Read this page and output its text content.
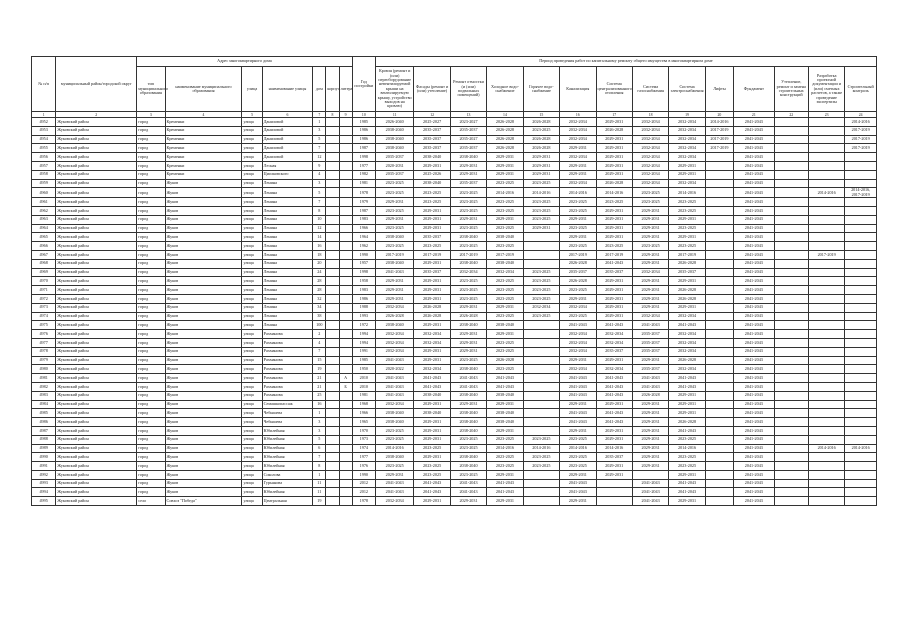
№ п/п	муниципальный район/городской округ	Адрес многоквартирного дома							Год постройки	Период проведения работ по капитальному ремонту общего имущества в многоквартирном доме													
		тип муниципального образования	наименование муниципального образования	улица	наименование улицы	дом	корпус	литера		Кровля (ремонт и (или) переоборудование невентилируемой крыши на вентилируемую крышу, устройство выходов на кровлю)	Фасады (ремонт и (или) утепление)	Ремонт отмостки (и (или) подвальных помещений)	Холодное водо-снабжение	Горячее водо-снабжение	Канализация	Система централизованного отопления	Система газоснабжения	Система электроснабжения	Лифты	Фундамент	Утепление, ремонт и замена строительных конструкций	Разработка проектной документации и (или) сметных расчетов, а также проведение экспертизы	Строительный контроль
1	2	3	4	5	6	7	8	9	10	11	12	13	14	15	16	17	18	19	20	21	22	23	24
4952	Жуковский район	город	Кременки	улица	Даниловой	1			1985	2026-2040	2025-2027	2023-2027	2026-2028	2026-2028	2032-2034	2029-2031	2032-2034	2032-2034	2014-2016	2041-2043			2014-2016
4953	Жуковский район	город	Кременки	улица	Даниловой	3			1986	2038-2040	2035-2037	2035-2037	2026-2028	2023-2025	2032-2034	2026-2028	2032-2034	2032-2034	2017-2019	2041-2043			2017-2019
4954	Жуковский район	город	Кременки	улица	Даниловой	5			1986	2038-2040	2035-2037	2035-2027	2026-2028	2026-2028	2032-2034	2029-2031	2032-2034	2032-2034	2017-2019	2041-2043			2017-2019
4955	Жуковский район	город	Кременки	улица	Даниловой	7			1987	2038-2040	2035-2037	2035-2037	2026-2028	2026-2028	2029-2031	2029-2031	2032-2034	2032-2034	2017-2019	2041-2043			2017-2019
4956	Жуковский район	город	Кременки	улица	Даниловой	12			1998	2035-2037	2038-2040	2038-2040	2029-2031	2029-2031	2032-2034	2029-2031	2032-2034	2032-2034		2041-2043			
4957	Жуковский район	город	Кременки	улица	Лесная	9			1977	2020-2031	2029-2031	2029-2031	2029-2031	2029-2031	2029-2031	2029-2031	2032-2034	2029-2031		2041-2043			
4958	Жуковский район	город	Кременки	улица	Циолковского	4			1982	2035-2037	2025-2026	2029-2031	2029-2031	2029-2031	2029-2031	2029-2031	2032-2034	2029-2031		2041-2043			
4959	Жуковский район	город	Жуков	улица	Ленина	3			1981	2023-2025	2038-2040	2035-2037	2023-2025	2023-2025	2032-2034	2026-2028	2032-2034	2032-2034		2041-2043			
4960	Жуковский район	город	Жуков	улица	Ленина	5			1978	2023-2025	2023-2025	2023-2025	2014-2016	2014-2016	2014-2016	2014-2016	2023-2025	2014-2016		2041-2043		2014-2016	2014-2016, 2017-2019
4961	Жуковский район	город	Жуков	улица	Ленина	7			1979	2029-2031	2023-2025	2023-2025	2023-2025	2023-2025	2023-2025	2023-2025	2023-2025	2023-2025		2041-2043			
4962	Жуковский район	город	Жуков	улица	Ленина	8			1987	2023-2025	2029-2031	2023-2025	2023-2025	2023-2025	2023-2025	2029-2031	2029-2031	2023-2025		2041-2043			
4963	Жуковский район	город	Жуков	улица	Ленина	10			1983	2029-2031	2029-2031	2029-2031	2029-2031	2023-2025	2029-2031	2029-2031	2029-2031	2029-2031		2041-2043			
4964	Жуковский район	город	Жуков	улица	Ленина	12			1966	2023-2025	2029-2031	2023-2025	2023-2025	2029-2031	2023-2025	2029-2031	2029-2031	2023-2025		2041-2043			
4965	Жуковский район	город	Жуков	улица	Ленина	14			1964	2038-2040	2035-2037	2038-2040	2038-2040		2029-2031	2029-2031	2029-2031	2029-2031		2041-2043			
4966	Жуковский район	город	Жуков	улица	Ленина	16			1962	2023-2025	2023-2025	2023-2025	2023-2025		2023-2025	2023-2025	2023-2025	2023-2025		2041-2043			
4967	Жуковский район	город	Жуков	улица	Ленина	18			1990	2017-2019	2017-2019	2017-2019	2017-2019		2017-2019	2017-2019	2029-2031	2017-2019		2041-2043		2017-2019	
4968	Жуковский район	город	Жуков	улица	Ленина	20			1957	2038-2040	2029-2031	2038-2040	2038-2040		2026-2028	2041-2043	2029-2031	2026-2028		2041-2043			
4969	Жуковский район	город	Жуков	улица	Ленина	24			1998	2041-2043	2035-2037	2032-2034	2032-2034	2023-2025	2035-2037	2035-2037	2032-2034	2035-2037		2041-2043			
4970	Жуковский район	город	Жуков	улица	Ленина	28			1958	2029-2031	2029-2031	2023-2025	2023-2025	2023-2025	2026-2028	2029-2031	2029-2031	2029-2031		2041-2043			
4971	Жуковский район	город	Жуков	улица	Ленина	28			1983	2029-2031	2029-2031	2023-2025	2023-2025	2023-2025	2023-2025	2029-2031	2029-2031	2026-2028		2041-2043			
4972	Жуковский район	город	Жуков	улица	Ленина	32			1986	2029-2031	2029-2031	2023-2025	2023-2025	2023-2025	2029-2031	2029-2031	2029-2031	2026-2028		2041-2043			
4973	Жуковский район	город	Жуков	улица	Ленина	34			1988	2032-2034	2026-2028	2029-2031	2029-2031	2032-2034	2032-2034	2029-2031	2029-2031	2029-2031		2041-2043			
4974	Жуковский район	город	Жуков	улица	Ленина	38			1993	2026-2028	2026-2028	2026-2028	2023-2025	2023-2025	2023-2025	2029-2031	2032-2034	2032-2034		2041-2043			
4975	Жуковский район	город	Жуков	улица	Ленина	100			1972	2038-2040	2029-2031	2038-2040	2038-2040		2041-2043	2041-2043	2041-2043	2041-2043		2041-2043			
4976	Жуковский район	город	Жуков	улица	Рахманова	2			1994	2032-2034	2032-2034	2029-2031	2029-2031		2032-2034	2032-2034	2035-2037	2032-2034		2041-2043			
4977	Жуковский район	город	Жуков	улица	Рахманова	4			1994	2032-2034	2032-2034	2029-2031	2023-2025		2032-2034	2032-2034	2035-2037	2032-2034		2041-2043			
4978	Жуковский район	город	Жуков	улица	Рахманова	7			1991	2032-2034	2029-2031	2029-2031	2023-2025		2032-2034	2035-2037	2035-2037	2032-2034		2041-2043			
4979	Жуковский район	город	Жуков	улица	Рахманова	15			1985	2041-2043	2029-2031	2023-2025	2026-2028		2029-2031	2029-2031	2029-2031	2026-2028		2041-2043			
4980	Жуковский район	город	Жуков	улица	Рахманова	19			1950	2020-2022	2032-2034	2038-2040	2023-2025		2032-2034	2032-2034	2035-2037	2032-2034		2041-2043			
4981	Жуковский район	город	Жуков	улица	Рахманова	21		А	2010	2041-2043	2041-2043	2041-2043	2041-2043		2041-2043	2041-2043	2041-2043	2041-2043		2041-2043			
4982	Жуковский район	город	Жуков	улица	Рахманова	21		Б	2010	2041-2043	2041-2043	2041-2043	2041-2043		2041-2043	2041-2043	2041-2043	2041-2043		2041-2043			
4983	Жуковский район	город	Жуков	улица	Рахманова	25			1981	2041-2043	2038-2040	2038-2040	2038-2040		2041-2043	2041-2043	2026-2028	2029-2031		2041-2043			
4984	Жуковский район	город	Жуков	улица	Семашкопассаж	16			1968	2032-2034	2029-2031	2029-2031	2029-2031		2029-2031	2029-2031	2029-2031	2029-2031		2041-2043			
4985	Жуковский район	город	Жуков	улица	Чебышева	1			1966	2038-2040	2038-2040	2038-2040	2038-2040		2041-2043	2041-2043	2029-2031	2029-2031		2041-2043			
4986	Жуковский район	город	Жуков	улица	Чебышева	3			1965	2038-2040	2029-2031	2038-2040	2038-2040		2041-2043	2041-2043	2029-2031	2026-2028		2041-2043			
4987	Жуковский район	город	Жуков	улица	Юбилейная	3			1970	2023-2025	2029-2031	2038-2040	2029-2031		2029-2031	2029-2031	2029-2031	2041-2043		2041-2043			
4988	Жуковский район	город	Жуков	улица	Юбилейная	5			1973	2023-2025	2029-2031	2023-2025	2023-2025	2023-2025	2023-2025	2029-2031	2029-2031	2023-2025		2041-2043			
4989	Жуковский район	город	Жуков	улица	Юбилейная	6			1974	2014-2016	2023-2025	2023-2025	2014-2016	2014-2016	2014-2016	2014-2016	2029-2031	2014-2016		2041-2043		2014-2016	2014-2016
4990	Жуковский район	город	Жуков	улица	Юбилейная	7			1977	2038-2040	2029-2031	2038-2040	2023-2025	2023-2025	2023-2025	2035-2037	2029-2031	2023-2025		2041-2043			
4991	Жуковский район	город	Жуков	улица	Юбилейная	8			1976	2023-2025	2023-2025	2038-2040	2023-2025	2023-2025	2023-2025	2029-2031	2029-2031	2023-2025		2041-2043			
4992	Жуковский район	город	Жуков	улица	Соколова	1			1990	2029-2031	2023-2025	2023-2025	2029-2031		2029-2031	2029-2031		2029-2031		2041-2043			
4993	Жуковский район	город	Жуков	улица	Гурьянова	11			2012	2041-2043	2041-2043	2041-2043	2041-2043		2041-2043		2041-2043	2041-2043		2041-2043			
4994	Жуковский район	город	Жуков	улица	Юбилейная	11			2012	2041-2043	2041-2043	2041-2043	2041-2043		2041-2043		2041-2043	2041-2043		2041-2043			
4995	Жуковский район	село	Совхоз "Победа"	улица	Центральная	19			1978	2032-2034	2029-2031	2029-2031	2029-2031		2029-2031		2041-2043	2029-2031		2041-2043			
